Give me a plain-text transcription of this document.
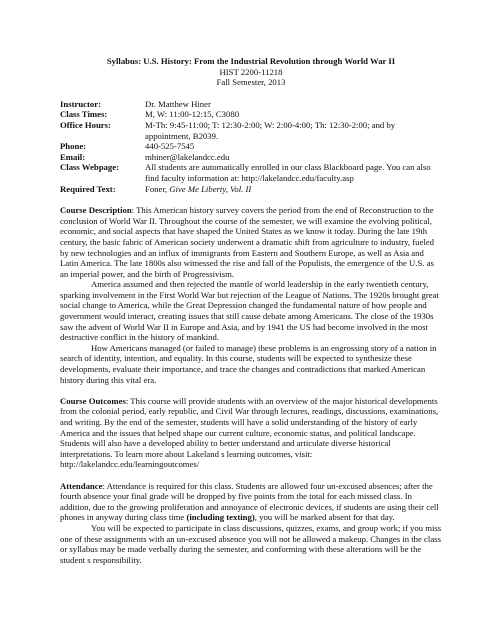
Syllabus: U.S. History: From the Industrial Revolution through World War II
HIST 2200-11218
Fall Semester, 2013
Instructor:	Dr. Matthew Hiner
Class Times:	M, W: 11:00-12:15, C3080
Office Hours:	M-Th: 9:45-11:00; T: 12:30-2:00; W: 2:00-4:00; Th: 12:30-2:00; and by appointment, B2039.
Phone:	440-525-7545
Email:	mhiner@lakelandcc.edu
Class Webpage:	All students are automatically enrolled in our class Blackboard page. You can also find faculty information at: http://lakelandcc.edu/faculty.asp
Required Text:	Foner, Give Me Liberty, Vol. II

Course Description: This American history survey covers the period from the end of Reconstruction to the conclusion of World War II. Throughout the course of the semester, we will examine the evolving political, economic, and social aspects that have shaped the United States as we know it today. During the late 19th century, the basic fabric of American society underwent a dramatic shift from agriculture to industry, fueled by new technologies and an influx of immigrants from Eastern and Southern Europe, as well as Asia and Latin America. The late 1800s also witnessed the rise and fall of the Populists, the emergence of the U.S. as an imperial power, and the birth of Progressivism.

America assumed and then rejected the mantle of world leadership in the early twentieth century, sparking involvement in the First World War but rejection of the League of Nations. The 1920s brought great social change to America, while the Great Depression changed the fundamental nature of how people and government would interact, creating issues that still cause debate among Americans. The close of the 1930s saw the advent of World War II in Europe and Asia, and by 1941 the US had become involved in the most destructive conflict in the history of mankind.

How Americans managed (or failed to manage) these problems is an engrossing story of a nation in search of identity, intention, and equality. In this course, students will be expected to synthesize these developments, evaluate their importance, and trace the changes and contradictions that marked American history during this vital era.

Course Outcomes: This course will provide students with an overview of the major historical developments from the colonial period, early republic, and Civil War through lectures, readings, discussions, examinations, and writing. By the end of the semester, students will have a solid understanding of the history of early America and the issues that helped shape our current culture, economic status, and political landscape. Students will also have a developed ability to better understand and articulate diverse historical interpretations. To learn more about Lakeland s learning outcomes, visit: http://lakelandcc.edu/learningoutcomes/

Attendance: Attendance is required for this class. Students are allowed four un-excused absences; after the fourth absence your final grade will be dropped by five points from the total for each missed class. In addition, due to the growing proliferation and annoyance of electronic devices, if students are using their cell phones in anyway during class time (including texting), you will be marked absent for that day.

You will be expected to participate in class discussions, quizzes, exams, and group work; if you miss one of these assignments with an un-excused absence you will not be allowed a makeup. Changes in the class or syllabus may be made verbally during the semester, and conforming with these alterations will be the student s responsibility.
